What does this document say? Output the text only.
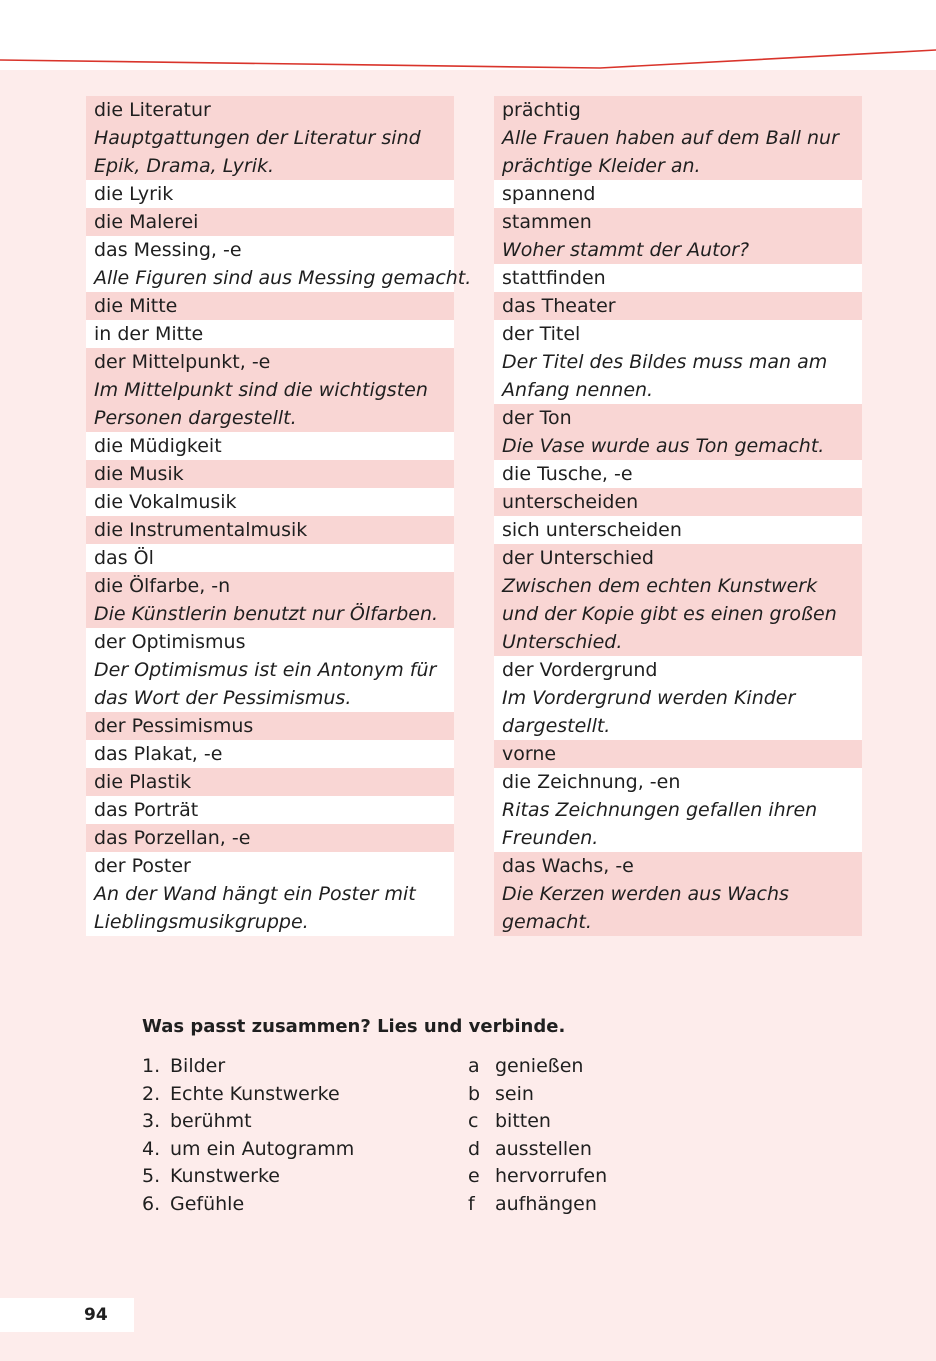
die Literatur
Hauptgattungen der Literatur sind
Epik, Drama, Lyrik.
die Lyrik
die Malerei
das Messing, -e
Alle Figuren sind aus Messing gemacht.
die Mitte
in der Mitte
der Mittelpunkt, -e
Im Mittelpunkt sind die wichtigsten
Personen dargestellt.
die Müdigkeit
die Musik
die Vokalmusik
die Instrumentalmusik
das Öl
die Ölfarbe, -n
Die Künstlerin benutzt nur Ölfarben.
der Optimismus
Der Optimismus ist ein Antonym für
das Wort der Pessimismus.
der Pessimismus
das Plakat, -e
die Plastik
das Porträt
das Porzellan, -e
der Poster
An der Wand hängt ein Poster mit
Lieblingsmusikgruppe.
prächtig
Alle Frauen haben auf dem Ball nur
prächtige Kleider an.
spannend
stammen
Woher stammt der Autor?
stattfinden
das Theater
der Titel
Der Titel des Bildes muss man am
Anfang nennen.
der Ton
Die Vase wurde aus Ton gemacht.
die Tusche, -e
unterscheiden
sich unterscheiden
der Unterschied
Zwischen dem echten Kunstwerk
und der Kopie gibt es einen großen
Unterschied.
der Vordergrund
Im Vordergrund werden Kinder
dargestellt.
vorne
die Zeichnung, -en
Ritas Zeichnungen gefallen ihren
Freunden.
das Wachs, -e
Die Kerzen werden aus Wachs
gemacht.
Was passt zusammen? Lies und verbinde.
1. Bilder
2. Echte Kunstwerke
3. berühmt
4. um ein Autogramm
5. Kunstwerke
6. Gefühle
a genießen
b sein
c bitten
d ausstellen
e hervorrufen
f aufhängen
94
